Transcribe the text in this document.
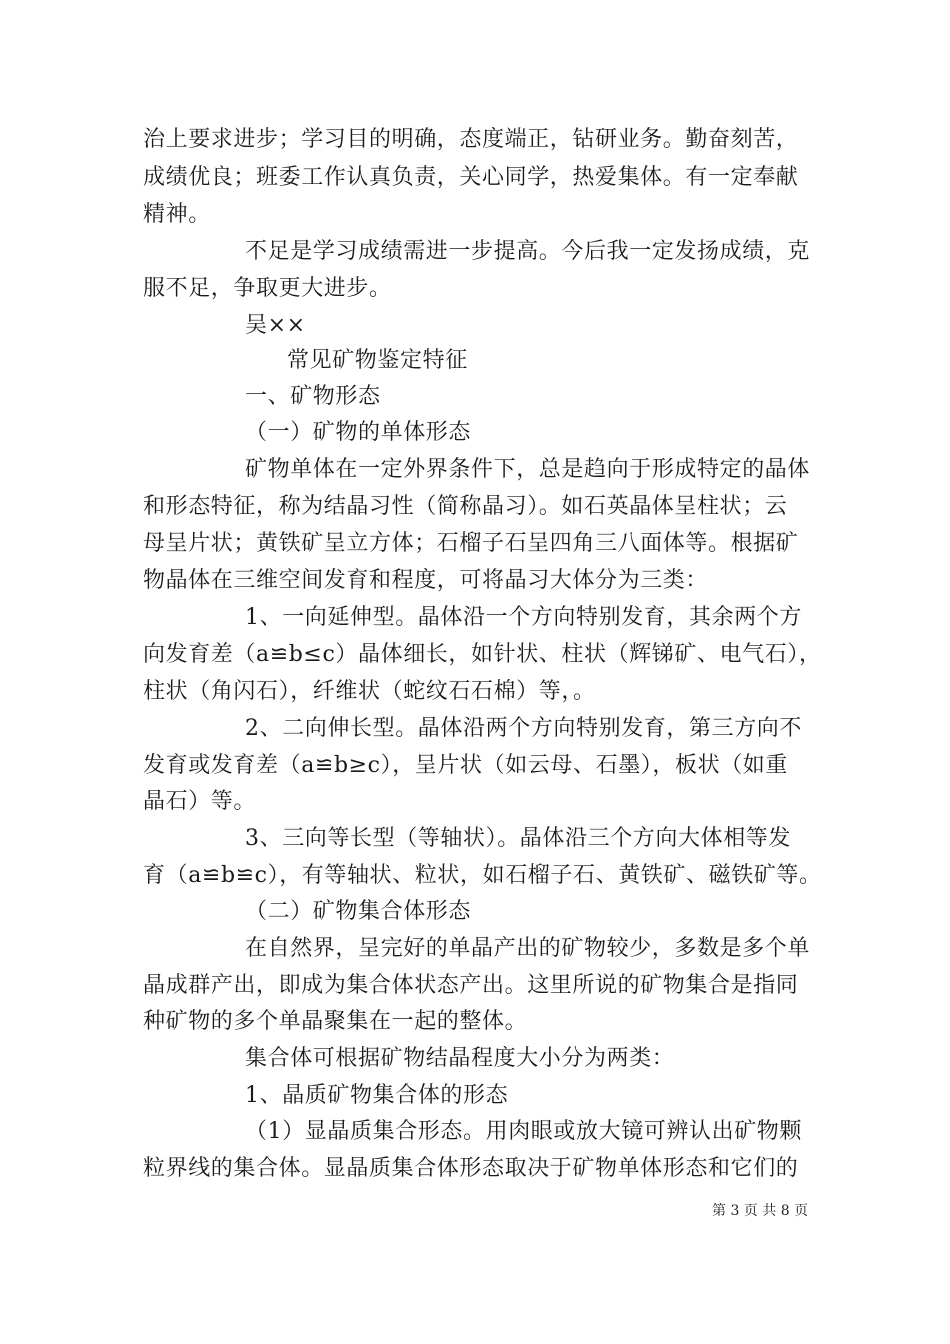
治上要求进步；学习目的明确，态度端正，钻研业务。勤奋刻苦，
成绩优良；班委工作认真负责，关心同学，热爱集体。有一定奉献
精神。
不足是学习成绩需进一步提高。今后我一定发扬成绩，克
服不足，争取更大进步。
吴××
常见矿物鉴定特征
一、矿物形态
（一）矿物的单体形态
矿物单体在一定外界条件下，总是趋向于形成特定的晶体
和形态特征，称为结晶习性（简称晶习）。如石英晶体呈柱状；云
母呈片状；黄铁矿呈立方体；石榴子石呈四角三八面体等。根据矿
物晶体在三维空间发育和程度，可将晶习大体分为三类：
1、一向延伸型。晶体沿一个方向特别发育，其余两个方
向发育差（a≌b≤c）晶体细长，如针状、柱状（辉锑矿、电气石），
柱状（角闪石），纤维状（蛇纹石石棉）等，。
2、二向伸长型。晶体沿两个方向特别发育，第三方向不
发育或发育差（a≌b≥c），呈片状（如云母、石墨），板状（如重
晶石）等。
3、三向等长型（等轴状）。晶体沿三个方向大体相等发
育（a≌b≌c），有等轴状、粒状，如石榴子石、黄铁矿、磁铁矿等。
（二）矿物集合体形态
在自然界，呈完好的单晶产出的矿物较少，多数是多个单
晶成群产出，即成为集合体状态产出。这里所说的矿物集合是指同
种矿物的多个单晶聚集在一起的整体。
集合体可根据矿物结晶程度大小分为两类：
1、晶质矿物集合体的形态
（1）显晶质集合形态。用肉眼或放大镜可辨认出矿物颗
粒界线的集合体。显晶质集合体形态取决于矿物单体形态和它们的
第 3 页 共 8 页
